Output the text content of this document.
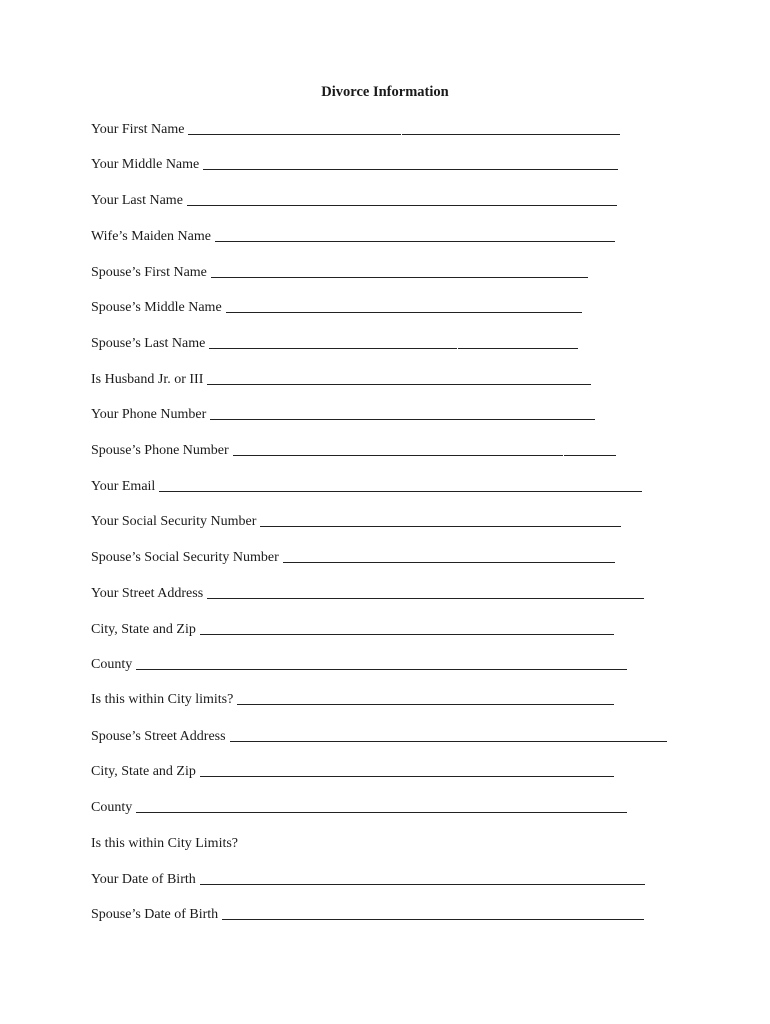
Divorce Information
Your First Name
Your Middle Name
Your Last Name
Wife’s Maiden Name
Spouse’s First Name
Spouse’s Middle Name
Spouse’s Last Name
Is Husband Jr. or III
Your Phone Number
Spouse’s Phone Number
Your Email
Your Social Security Number
Spouse’s Social Security Number
Your Street Address
City, State and Zip
County
Is this within City limits?
Spouse’s Street Address
City, State and Zip
County
Is this within City Limits?
Your Date of Birth
Spouse’s Date of Birth
